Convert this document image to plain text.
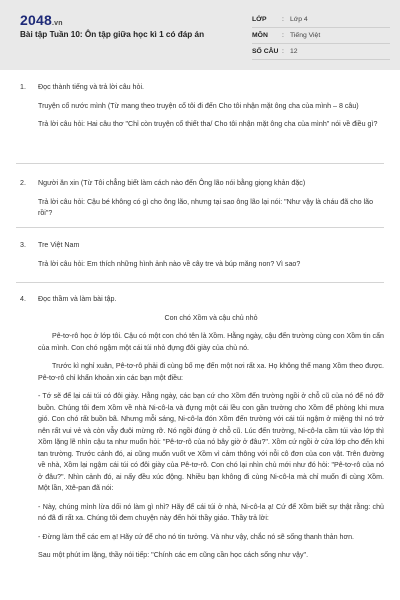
2048.vn
Bài tập Tuần 10: Ôn tập giữa học kì 1 có đáp án
LỚP	: Lớp 4
MÔN	: Tiếng Việt
SỐ CÂU : 12
1.	Đọc thành tiếng và trả lời câu hỏi.

Truyện cổ nước mình (Từ mang theo truyện cổ tôi đi đến Cho tôi nhận mặt ông cha của mình – 8 câu)

Trả lời câu hỏi: Hai câu thơ "Chỉ còn truyện cổ thiết tha/ Cho tôi nhận mặt ông cha của mình" nói về điều gì?

2.	Người ăn xin (Từ Tôi chẳng biết làm cách nào đến Ông lão nói bằng giọng khản đặc)

Trả lời câu hỏi: Cậu bé không có gì cho ông lão, nhưng tại sao ông lão lại nói: "Như vậy là cháu đã cho lão rồi"?

3.	Tre Việt Nam

Trả lời câu hỏi: Em thích những hình ảnh nào về cây tre và búp măng non? Vì sao?

4.	Đọc thầm và làm bài tập.

Con chó Xồm và cậu chủ nhỏ

Pê-tơ-rô học ở lớp tôi. Cậu có một con chó tên là Xồm. Hằng ngày, cậu đến trường cùng con Xồm tin cẩn của mình. Con chó ngậm một cái túi nhỏ đựng đôi giày của chủ nó.

Trước kì nghỉ xuân, Pê-tơ-rô phải đi cùng bố mẹ đến một nơi rất xa. Họ không thể mang Xồm theo được. Pê-tơ-rô chỉ khẩn khoản xin các bạn một điều:

- Tớ sẽ để lại cái túi có đôi giày. Hằng ngày, các bạn cứ cho Xồm đến trường ngồi ở chỗ cũ của nó để nó đỡ buồn. Chúng tôi đem Xồm về nhà Ni-cô-la và đựng một cái lều con gần trường cho Xồm để phòng khi mưa gió. Con chó rất buồn bã. Nhưng mỗi sáng, Ni-cô-la đón Xồm đến trường với cái túi ngậm ở miệng thì nó trở nên rất vui vẻ và còn vẫy đuôi mừng rỡ. Nó ngồi đúng ở chỗ cũ. Lúc đến trường, Ni-cô-la cầm túi vào lớp thì Xồm lặng lẽ nhìn cậu ta như muốn hỏi: "Pê-tơ-rô của nó bây giờ ở đâu?". Xồm cứ ngồi ở cửa lớp cho đến khi tan trường. Trước cảnh đó, ai cũng muốn vuốt ve Xồm vì cảm thông với nỗi cô đơn của con vật. Trên đường về nhà, Xồm lại ngậm cái túi có đôi giày của Pê-tơ-rô. Con chó lại nhìn chủ mới như đó hỏi: "Pê-tơ-rô của nó ở đâu?". Nhìn cảnh đó, ai nấy đều xúc động. Nhiều bạn không đi cùng Ni-cô-la mà chỉ muốn đi cùng Xồm. Một lần, Xtê-pan đã nói:

- Này, chúng mình lừa dối nó làm gì nhỉ? Hãy để cái túi ở nhà, Ni-cô-la ạ! Cứ để Xồm biết sự thật rằng: chủ nó đã đi rất xa. Chúng tôi đem chuyện này đến hỏi thầy giáo. Thầy trả lời:

- Đừng làm thế các em ạ! Hãy cứ để cho nó tin tưởng. Và như vậy, chắc nó sẽ sống thanh thản hơn.

Sau một phút im lặng, thầy nói tiếp: "Chính các em cũng cần học cách sống như vậy".
